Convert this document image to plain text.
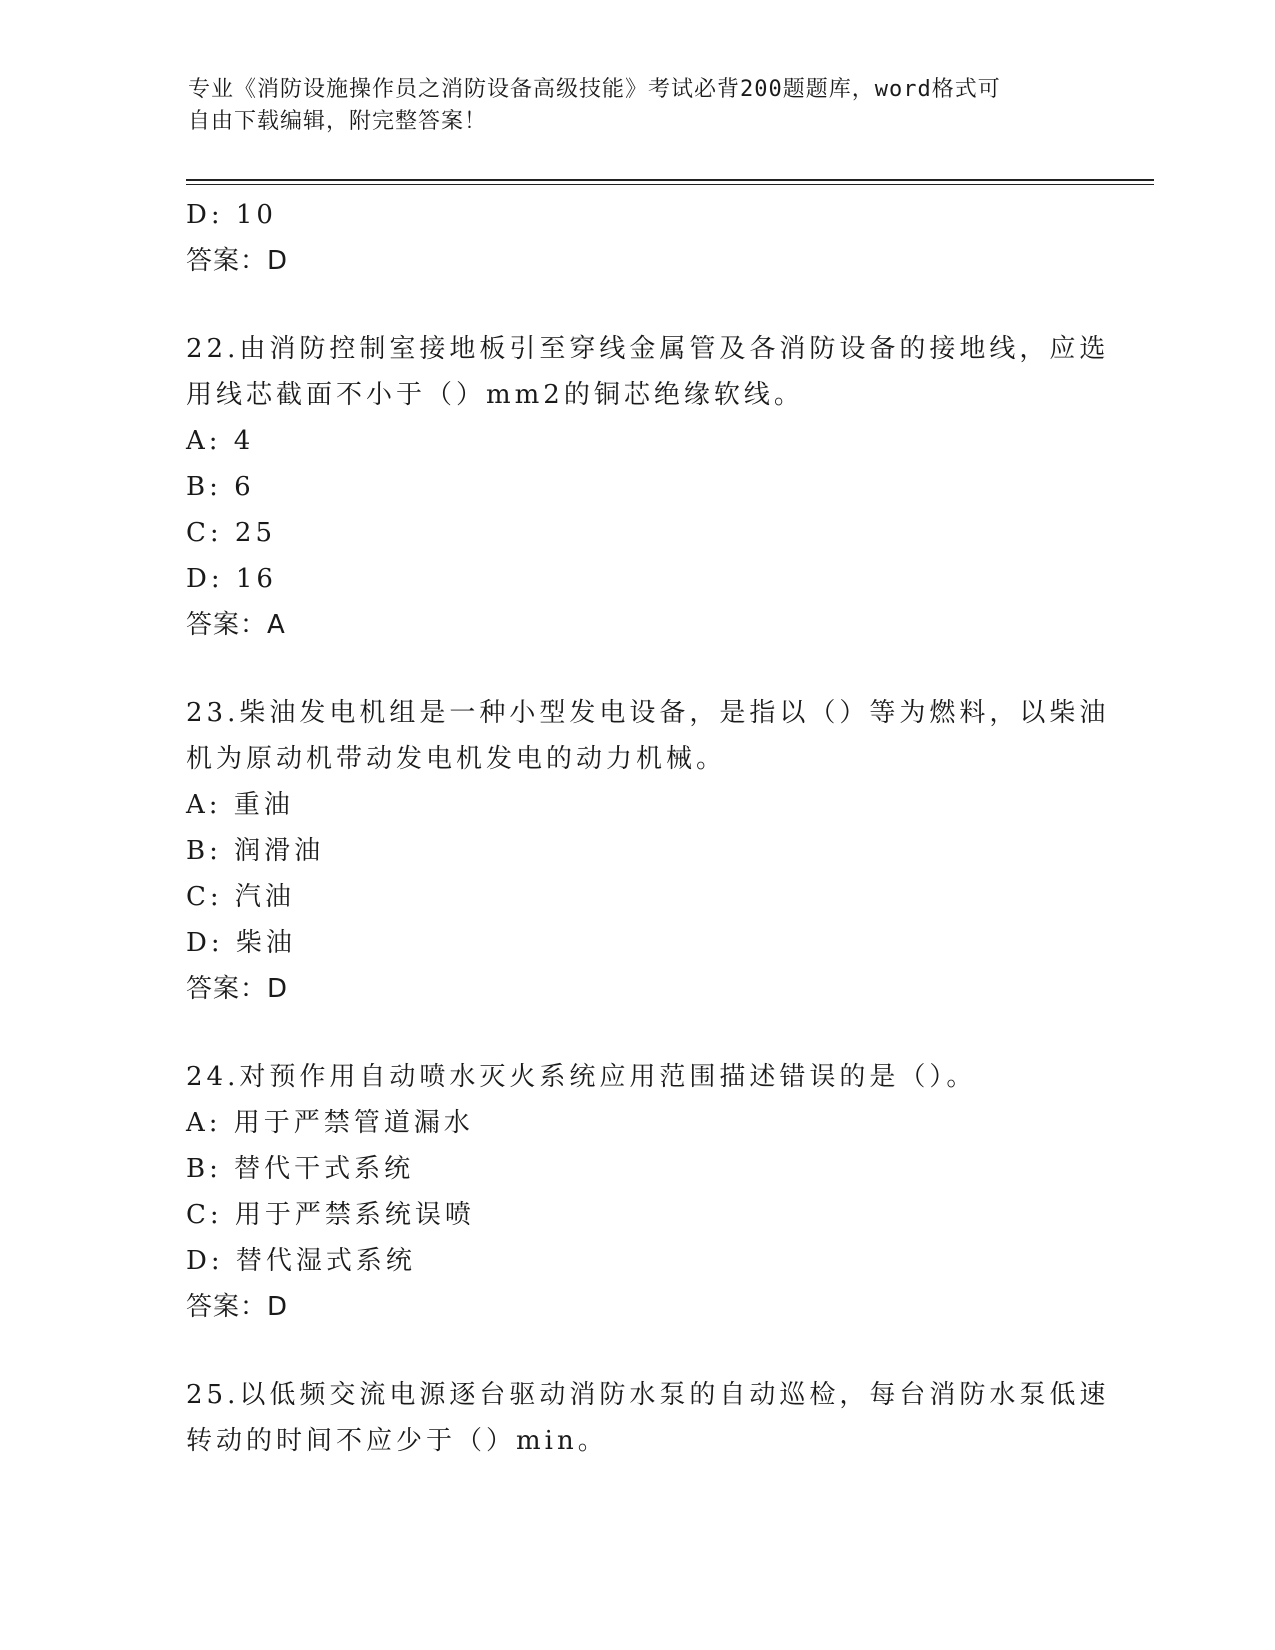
专业《消防设施操作员之消防设备高级技能》考试必背200题题库，word格式可
自由下载编辑，附完整答案！
D: 10
答案：D
22.由消防控制室接地板引至穿线金属管及各消防设备的接地线，应选
用线芯截面不小于（）mm2的铜芯绝缘软线。
A: 4
B: 6
C: 25
D: 16
答案：A
23.柴油发电机组是一种小型发电设备，是指以（）等为燃料，以柴油
机为原动机带动发电机发电的动力机械。
A: 重油
B: 润滑油
C: 汽油
D: 柴油
答案：D
24.对预作用自动喷水灭火系统应用范围描述错误的是（）。
A: 用于严禁管道漏水
B: 替代干式系统
C: 用于严禁系统误喷
D: 替代湿式系统
答案：D
25.以低频交流电源逐台驱动消防水泵的自动巡检，每台消防水泵低速
转动的时间不应少于（）min。
